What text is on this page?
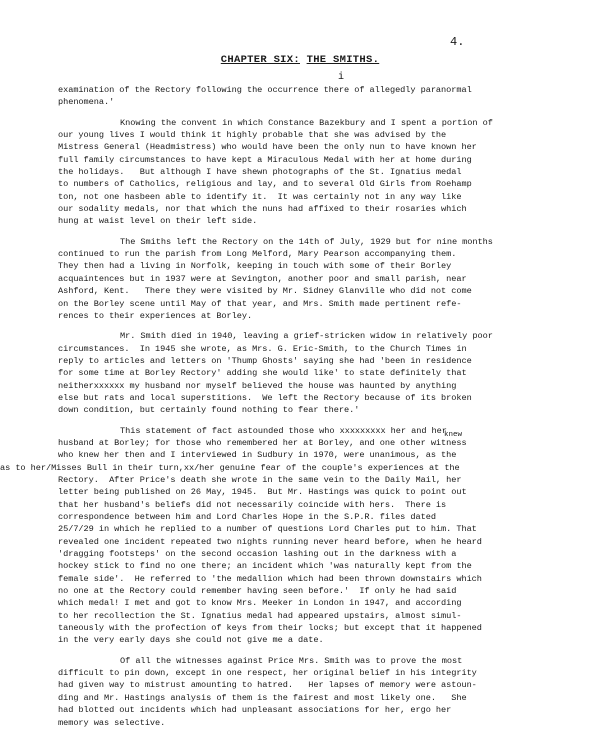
4.
CHAPTER SIX: THE SMITHS.
i
knew
examination of the Rectory following the occurrence there of allegedly paranormal
phenomena.'
Knowing the convent in which Constance Bazekbury and I spent a portion of
our young lives I would think it highly probable that she was advised by the
Mistress General (Headmistress) who would have been the only nun to have known her
full family circumstances to have kept a Miraculous Medal with her at home during
the holidays.   But although I have shewn photographs of the St. Ignatius medal
to numbers of Catholics, religious and lay, and to several Old Girls from Roehamp
ton, not one hasbeen able to identify it.  It was certainly not in any way like
our sodality medals, nor that which the nuns had affixed to their rosaries which
hung at waist level on their left side.
The Smiths left the Rectory on the 14th of July, 1929 but for nine months
continued to run the parish from Long Melford, Mary Pearson accompanying them.
They then had a living in Norfolk, keeping in touch with some of their Borley
acquaintences but in 1937 were at Sevington, another poor and small parish, near
Ashford, Kent.   There they were visited by Mr. Sidney Glanville who did not come
on the Borley scene until May of that year, and Mrs. Smith made pertinent refe-
rences to their experiences at Borley.
Mr. Smith died in 1940, leaving a grief-stricken widow in relatively poor
circumstances.  In 1945 she wrote, as Mrs. G. Eric-Smith, to the Church Times in
reply to articles and letters on 'Thump Ghosts' saying she had 'been in residence
for some time at Borley Rectory' adding she would like' to state definitely that
neitherxxxxxx my husband nor myself believed the house was haunted by anything
else but rats and local superstitions.  We left the Rectory because of its broken
down condition, but certainly found nothing to fear there.'
This statement of fact astounded those who xxxxxxxxx her and her
husband at Borley; for those who remembered her at Borley, and one other witness
who knew her then and I interviewed in Sudbury in 1970, were unanimous, as the
as to her/Misses Bull in their turn,xx/her genuine fear of the couple's experiences at the
Rectory.  After Price's death she wrote in the same vein to the Daily Mail, her
letter being published on 26 May, 1945.  But Mr. Hastings was quick to point out
that her husband's beliefs did not necessarily coincide with hers.  There is
correspondence between him and Lord Charles Hope in the S.P.R. files dated
25/7/29 in which he replied to a number of questions Lord Charles put to him. That
revealed one incident repeated two nights running never heard before, when he heard
'dragging footsteps' on the second occasion lashing out in the darkness with a
hockey stick to find no one there; an incident which 'was naturally kept from the
female side'.  He referred to 'the medallion which had been thrown downstairs which
no one at the Rectory could remember having seen before.'  If only he had said
which medal! I met and got to know Mrs. Meeker in London in 1947, and according
to her recollection the St. Ignatius medal had appeared upstairs, almost simul-
taneously with the profection of keys from their locks; but except that it happened
in the very early days she could not give me a date.
Of all the witnesses against Price Mrs. Smith was to prove the most
difficult to pin down, except in one respect, her original belief in his integrity
had given way to mistrust amounting to hatred.   Her lapses of memory were astoun-
ding and Mr. Hastings analysis of them is the fairest and most likely one.   She
had blotted out incidents which had unpleasant associations for her, ergo her
memory was selective.
